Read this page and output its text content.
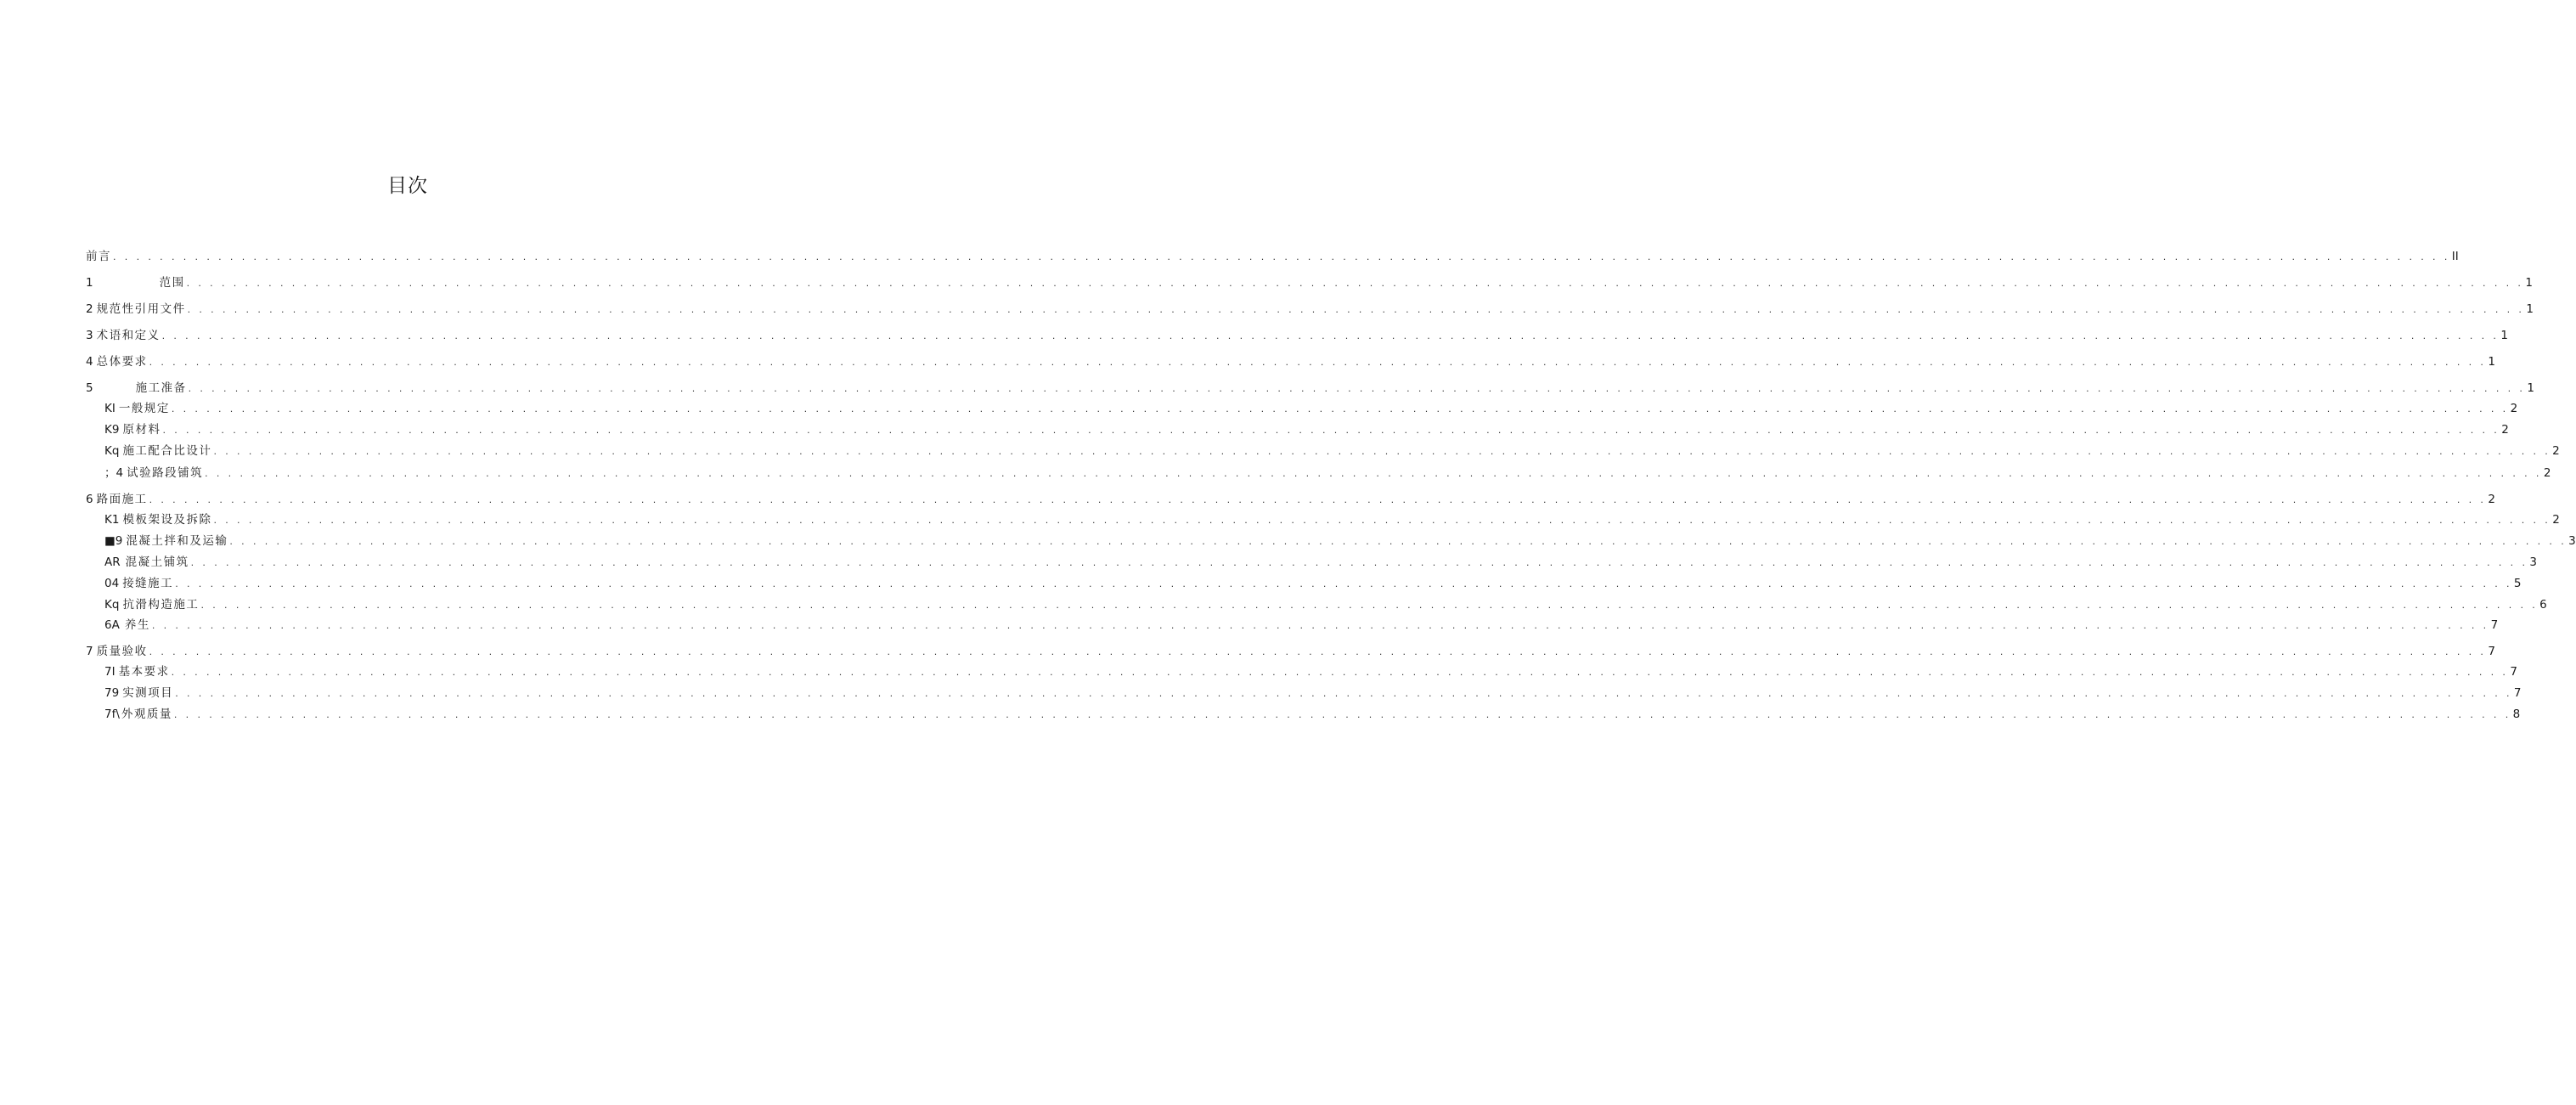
目次
前言 . . . . . . . . . . . . . . . . . . . . . . . . . . . . . . . . . . . . . . . . . . . . . . . . . . . . . . . . . . . . . . . . . . . . . . . . . . . . . . . . . . . . . . . . . . . . . . . . . . . . . . . . . . . . . . . . . . . . . . . . . . . . . . . . . . . . . . . . . . . . . . . . . . . . . . . . . . . . . . . . . . . . . . . . . . . . . . . . . . . . . . . . . . . . . . . . . . . . . . . . II
1	范围 . . . . . . . . . . . . . . . . . . . . . . . . . . . . . . . . . . . . . . . . . . . . . . . . . . . . . . . . . . . . . . . . . . . . . . . . . . . . . . . . . . . . . . . . . . . . . . . . . . . . . . . . . . . . . . . . . . . . . . . . . . . . . . . . . . . . . . . . . . . . . . . . . . . . . . . . . . . . . . . . . . . . . . . . . . . . . . . . . . . . . . . . . . . . . . . . . . . . . . . . 1
2 规范性引用文件 . . . . . . . . . . . . . . . . . . . . . . . . . . . . . . . . . . . . . . . . . . . . . . . . . . . . . . . . . . . . . . . . . . . . . . . . . . . . . . . . . . . . . . . . . . . . . . . . . . . . . . . . . . . . . . . . . . . . . . . . . . . . . . . . . . . . . . . . . . . . . . . . . . . . . . . . . . . . . . . . . . . . . . . . . . . . . . . . . . . . . . . . . . . . . . . . . . . . . . . . 1
3 术语和定义 . . . . . . . . . . . . . . . . . . . . . . . . . . . . . . . . . . . . . . . . . . . . . . . . . . . . . . . . . . . . . . . . . . . . . . . . . . . . . . . . . . . . . . . . . . . . . . . . . . . . . . . . . . . . . . . . . . . . . . . . . . . . . . . . . . . . . . . . . . . . . . . . . . . . . . . . . . . . . . . . . . . . . . . . . . . . . . . . . . . . . . . . . . . . . . . . . . . . . . . . 1
4 总体要求 . . . . . . . . . . . . . . . . . . . . . . . . . . . . . . . . . . . . . . . . . . . . . . . . . . . . . . . . . . . . . . . . . . . . . . . . . . . . . . . . . . . . . . . . . . . . . . . . . . . . . . . . . . . . . . . . . . . . . . . . . . . . . . . . . . . . . . . . . . . . . . . . . . . . . . . . . . . . . . . . . . . . . . . . . . . . . . . . . . . . . . . . . . . . . . . . . . . . . . . . 1
5	施工准备 . . . . . . . . . . . . . . . . . . . . . . . . . . . . . . . . . . . . . . . . . . . . . . . . . . . . . . . . . . . . . . . . . . . . . . . . . . . . . . . . . . . . . . . . . . . . . . . . . . . . . . . . . . . . . . . . . . . . . . . . . . . . . . . . . . . . . . . . . . . . . . . . . . . . . . . . . . . . . . . . . . . . . . . . . . . . . . . . . . . . . . . . . . . . . . . . . . . . . . . . 1
KI 一般规定 . . . . . . . . . . . . . . . . . . . . . . . . . . . . . . . . . . . . . . . . . . . . . . . . . . . . . . . . . . . . . . . . . . . . . . . . . . . . . . . . . . . . . . . . . . . . . . . . . . . . . . . . . . . . . . . . . . . . . . . . . . . . . . . . . . . . . . . . . . . . . . . . . . . . . . . . . . . . . . . . . . . . . . . . . . . . . . . . . . . . . . . . . . . . . . . . . . . . . . . . 2
K9 原材料 . . . . . . . . . . . . . . . . . . . . . . . . . . . . . . . . . . . . . . . . . . . . . . . . . . . . . . . . . . . . . . . . . . . . . . . . . . . . . . . . . . . . . . . . . . . . . . . . . . . . . . . . . . . . . . . . . . . . . . . . . . . . . . . . . . . . . . . . . . . . . . . . . . . . . . . . . . . . . . . . . . . . . . . . . . . . . . . . . . . . . . . . . . . . . . . . . . . . . . . . 2
Kq 施工配合比设计 . . . . . . . . . . . . . . . . . . . . . . . . . . . . . . . . . . . . . . . . . . . . . . . . . . . . . . . . . . . . . . . . . . . . . . . . . . . . . . . . . . . . . . . . . . . . . . . . . . . . . . . . . . . . . . . . . . . . . . . . . . . . . . . . . . . . . . . . . . . . . . . . . . . . . . . . . . . . . . . . . . . . . . . . . . . . . . . . . . . . . . . . . . . . . . . . . . . . . . . . 2
；4 试验路段铺筑 . . . . . . . . . . . . . . . . . . . . . . . . . . . . . . . . . . . . . . . . . . . . . . . . . . . . . . . . . . . . . . . . . . . . . . . . . . . . . . . . . . . . . . . . . . . . . . . . . . . . . . . . . . . . . . . . . . . . . . . . . . . . . . . . . . . . . . . . . . . . . . . . . . . . . . . . . . . . . . . . . . . . . . . . . . . . . . . . . . . . . . . . . . . . . . . . . . . . . . . . 2
6 路面施工 . . . . . . . . . . . . . . . . . . . . . . . . . . . . . . . . . . . . . . . . . . . . . . . . . . . . . . . . . . . . . . . . . . . . . . . . . . . . . . . . . . . . . . . . . . . . . . . . . . . . . . . . . . . . . . . . . . . . . . . . . . . . . . . . . . . . . . . . . . . . . . . . . . . . . . . . . . . . . . . . . . . . . . . . . . . . . . . . . . . . . . . . . . . . . . . . . . . . . . . . 2
K1 模板架设及拆除 . . . . . . . . . . . . . . . . . . . . . . . . . . . . . . . . . . . . . . . . . . . . . . . . . . . . . . . . . . . . . . . . . . . . . . . . . . . . . . . . . . . . . . . . . . . . . . . . . . . . . . . . . . . . . . . . . . . . . . . . . . . . . . . . . . . . . . . . . . . . . . . . . . . . . . . . . . . . . . . . . . . . . . . . . . . . . . . . . . . . . . . . . . . . . . . . . . . . . . . . 2
■9 混凝土拌和及运输 . . . . . . . . . . . . . . . . . . . . . . . . . . . . . . . . . . . . . . . . . . . . . . . . . . . . . . . . . . . . . . . . . . . . . . . . . . . . . . . . . . . . . . . . . . . . . . . . . . . . . . . . . . . . . . . . . . . . . . . . . . . . . . . . . . . . . . . . . . . . . . . . . . . . . . . . . . . . . . . . . . . . . . . . . . . . . . . . . . . . . . . . . . . . . . . . . . . . . . . . 3
AR 混凝土铺筑 . . . . . . . . . . . . . . . . . . . . . . . . . . . . . . . . . . . . . . . . . . . . . . . . . . . . . . . . . . . . . . . . . . . . . . . . . . . . . . . . . . . . . . . . . . . . . . . . . . . . . . . . . . . . . . . . . . . . . . . . . . . . . . . . . . . . . . . . . . . . . . . . . . . . . . . . . . . . . . . . . . . . . . . . . . . . . . . . . . . . . . . . . . . . . . . . . . . . . . . . 3
04 接缝施工 . . . . . . . . . . . . . . . . . . . . . . . . . . . . . . . . . . . . . . . . . . . . . . . . . . . . . . . . . . . . . . . . . . . . . . . . . . . . . . . . . . . . . . . . . . . . . . . . . . . . . . . . . . . . . . . . . . . . . . . . . . . . . . . . . . . . . . . . . . . . . . . . . . . . . . . . . . . . . . . . . . . . . . . . . . . . . . . . . . . . . . . . . . . . . . . . . . . . . . . . 5
Kq 抗滑构造施工 . . . . . . . . . . . . . . . . . . . . . . . . . . . . . . . . . . . . . . . . . . . . . . . . . . . . . . . . . . . . . . . . . . . . . . . . . . . . . . . . . . . . . . . . . . . . . . . . . . . . . . . . . . . . . . . . . . . . . . . . . . . . . . . . . . . . . . . . . . . . . . . . . . . . . . . . . . . . . . . . . . . . . . . . . . . . . . . . . . . . . . . . . . . . . . . . . . . . . . . . 6
6A 养生 . . . . . . . . . . . . . . . . . . . . . . . . . . . . . . . . . . . . . . . . . . . . . . . . . . . . . . . . . . . . . . . . . . . . . . . . . . . . . . . . . . . . . . . . . . . . . . . . . . . . . . . . . . . . . . . . . . . . . . . . . . . . . . . . . . . . . . . . . . . . . . . . . . . . . . . . . . . . . . . . . . . . . . . . . . . . . . . . . . . . . . . . . . . . . . . . . . . . . . . . 7
7 质量验收 . . . . . . . . . . . . . . . . . . . . . . . . . . . . . . . . . . . . . . . . . . . . . . . . . . . . . . . . . . . . . . . . . . . . . . . . . . . . . . . . . . . . . . . . . . . . . . . . . . . . . . . . . . . . . . . . . . . . . . . . . . . . . . . . . . . . . . . . . . . . . . . . . . . . . . . . . . . . . . . . . . . . . . . . . . . . . . . . . . . . . . . . . . . . . . . . . . . . . . . . 7
7I 基本要求 . . . . . . . . . . . . . . . . . . . . . . . . . . . . . . . . . . . . . . . . . . . . . . . . . . . . . . . . . . . . . . . . . . . . . . . . . . . . . . . . . . . . . . . . . . . . . . . . . . . . . . . . . . . . . . . . . . . . . . . . . . . . . . . . . . . . . . . . . . . . . . . . . . . . . . . . . . . . . . . . . . . . . . . . . . . . . . . . . . . . . . . . . . . . . . . . . . . . . . . . 7
79 实测项目 . . . . . . . . . . . . . . . . . . . . . . . . . . . . . . . . . . . . . . . . . . . . . . . . . . . . . . . . . . . . . . . . . . . . . . . . . . . . . . . . . . . . . . . . . . . . . . . . . . . . . . . . . . . . . . . . . . . . . . . . . . . . . . . . . . . . . . . . . . . . . . . . . . . . . . . . . . . . . . . . . . . . . . . . . . . . . . . . . . . . . . . . . . . . . . . . . . . . . . . . 7
7f\ 外观质量 . . . . . . . . . . . . . . . . . . . . . . . . . . . . . . . . . . . . . . . . . . . . . . . . . . . . . . . . . . . . . . . . . . . . . . . . . . . . . . . . . . . . . . . . . . . . . . . . . . . . . . . . . . . . . . . . . . . . . . . . . . . . . . . . . . . . . . . . . . . . . . . . . . . . . . . . . . . . . . . . . . . . . . . . . . . . . . . . . . . . . . . . . . . . . . . . . . . . . . . . 8
